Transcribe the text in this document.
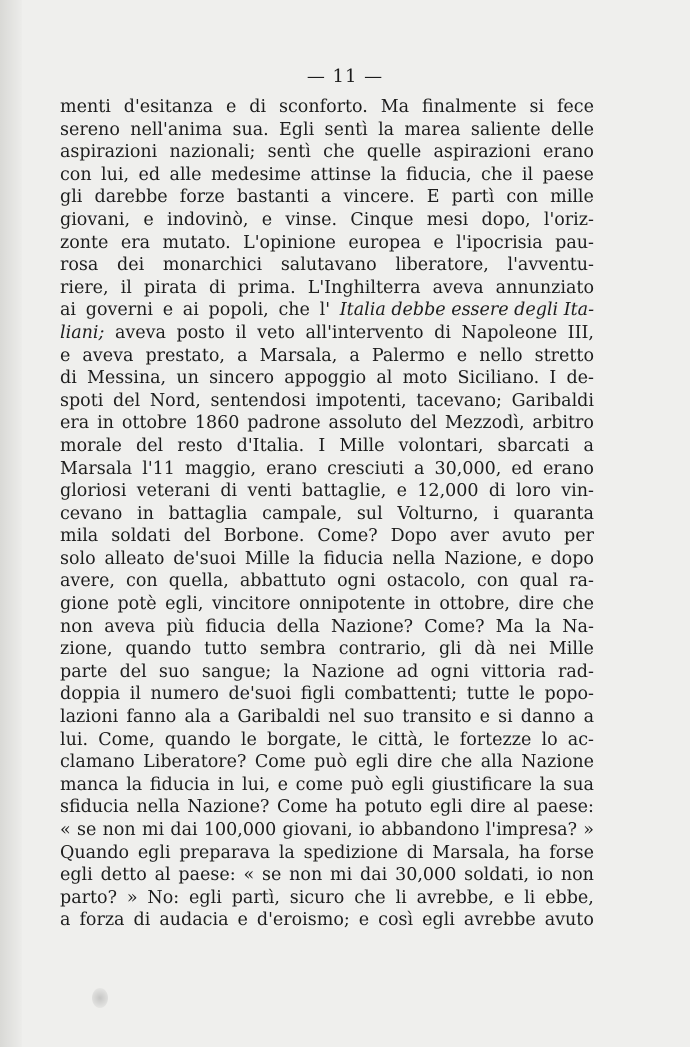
— 11 —
menti d'esitanza e di sconforto. Ma finalmente si fece
sereno nell'anima sua. Egli sentì la marea saliente delle
aspirazioni nazionali; sentì che quelle aspirazioni erano
con lui, ed alle medesime attinse la fiducia, che il paese
gli darebbe forze bastanti a vincere. E partì con mille
giovani, e indovinò, e vinse. Cinque mesi dopo, l'oriz-
zonte era mutato. L'opinione europea e l'ipocrisia pau-
rosa dei monarchici salutavano liberatore, l'avventu-
riere, il pirata di prima. L'Inghilterra aveva annunziato
ai governi e ai popoli, che l' Italia debbe essere degli Ita-
liani; aveva posto il veto all'intervento di Napoleone III,
e aveva prestato, a Marsala, a Palermo e nello stretto
di Messina, un sincero appoggio al moto Siciliano. I de-
spoti del Nord, sentendosi impotenti, tacevano; Garibaldi
era in ottobre 1860 padrone assoluto del Mezzodì, arbitro
morale del resto d'Italia. I Mille volontari, sbarcati a
Marsala l'11 maggio, erano cresciuti a 30,000, ed erano
gloriosi veterani di venti battaglie, e 12,000 di loro vin-
cevano in battaglia campale, sul Volturno, i quaranta
mila soldati del Borbone. Come? Dopo aver avuto per
solo alleato de'suoi Mille la fiducia nella Nazione, e dopo
avere, con quella, abbattuto ogni ostacolo, con qual ra-
gione potè egli, vincitore onnipotente in ottobre, dire che
non aveva più fiducia della Nazione? Come? Ma la Na-
zione, quando tutto sembra contrario, gli dà nei Mille
parte del suo sangue; la Nazione ad ogni vittoria rad-
doppia il numero de'suoi figli combattenti; tutte le popo-
lazioni fanno ala a Garibaldi nel suo transito e si danno a
lui. Come, quando le borgate, le città, le fortezze lo ac-
clamano Liberatore? Come può egli dire che alla Nazione
manca la fiducia in lui, e come può egli giustificare la sua
sfiducia nella Nazione? Come ha potuto egli dire al paese:
« se non mi dai 100,000 giovani, io abbandono l'impresa? »
Quando egli preparava la spedizione di Marsala, ha forse
egli detto al paese: « se non mi dai 30,000 soldati, io non
parto? » No: egli partì, sicuro che li avrebbe, e li ebbe,
a forza di audacia e d'eroismo; e così egli avrebbe avuto
